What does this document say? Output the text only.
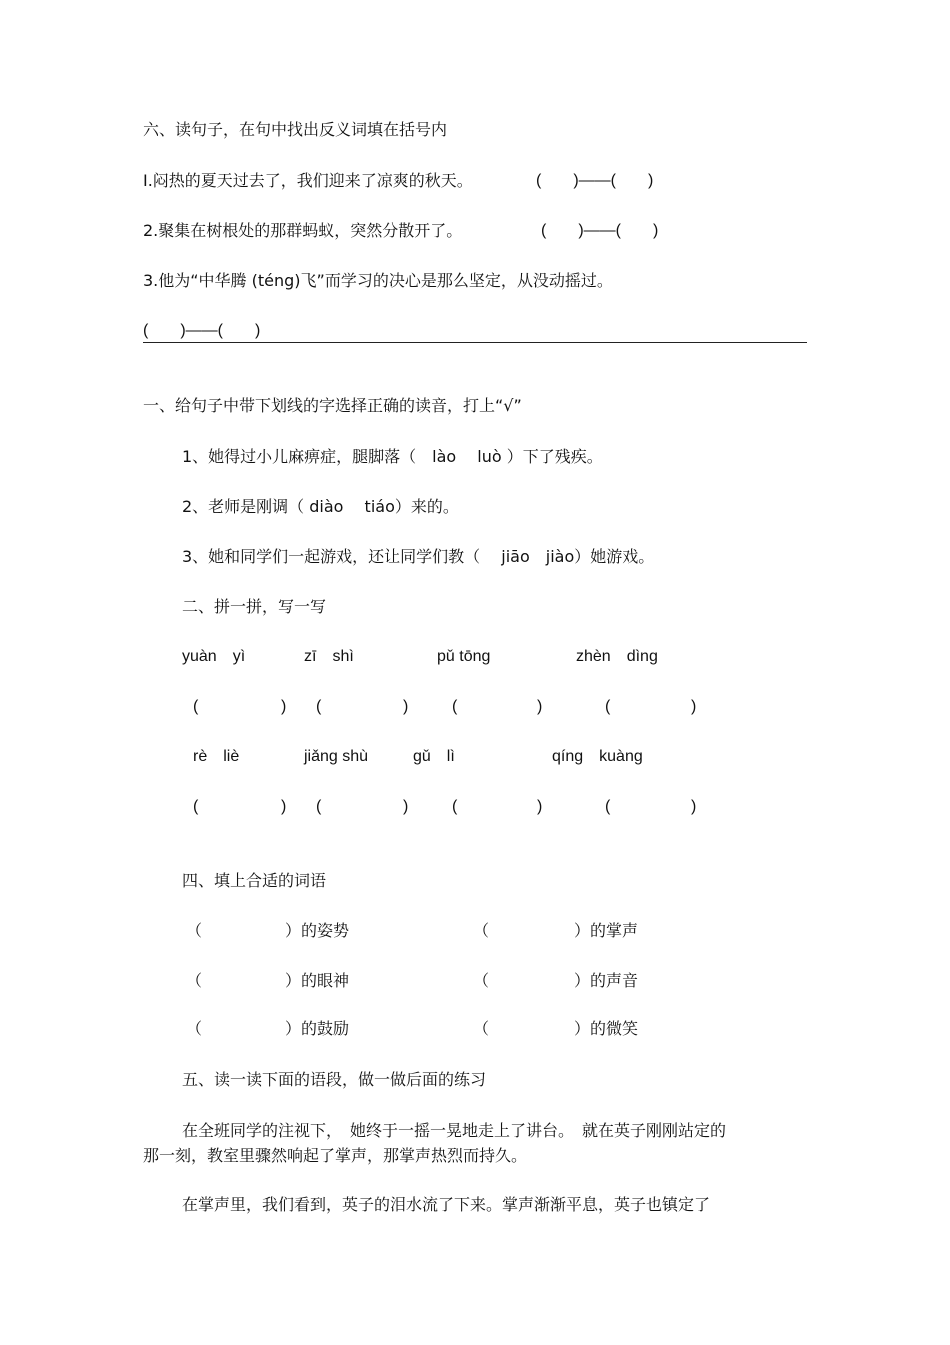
六、读句子，在句中找出反义词填在括号内
I.闷热的夏天过去了，我们迎来了凉爽的秋天。	(　　)——(　　)
2.聚集在树根处的那群蚂蚁，突然分散开了。	(　　)——(　　)
3.他为“中华腾 (téng)飞”而学习的决心是那么坚定，从没动摇过。
(　　)——(　　)
一、给句子中带下划线的字选择正确的读音，打上“√”
1、她得过小儿麻痹症，腿脚落（　lào　 luò ）下了残疾。
2、老师是刚调（ diào　 tiáo）来的。
3、她和同学们一起游戏，还让同学们教（　 jiāo　jiào）她游戏。
二、拼一拼，写一写
yuàn　yì	zī　shì	pǔ tōng	zhèn　dìng
(	) (	)	(	)	(	)
rè　liè	jiǎng shù	gǔ　lì	qíng　kuàng
(	) (	)	(	)	(	)
四、填上合适的词语
（	）的姿势	（	）的掌声
（	）的眼神	（	）的声音
（	）的鼓励	（	）的微笑
五、读一读下面的语段，做一做后面的练习
在全班同学的注视下，　她终于一摇一晃地走上了讲台。　就在英子刚刚站定的
那一刻，教室里骤然响起了掌声，那掌声热烈而持久。
在掌声里，我们看到，英子的泪水流了下来。掌声渐渐平息，英子也镇定了
